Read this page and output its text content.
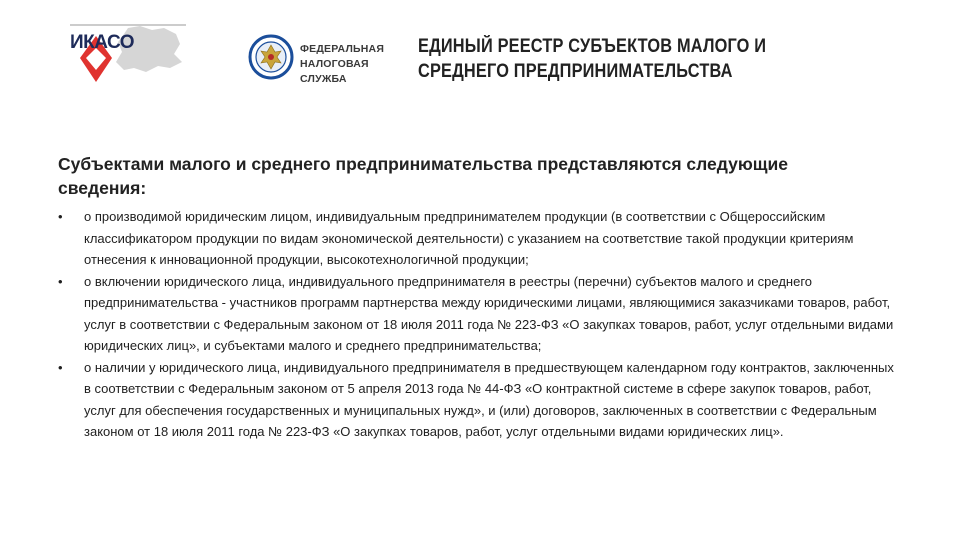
ИКАСО	ФЕДЕРАЛЬНАЯ
НАЛОГОВАЯ СЛУЖБА
ЕДИНЫЙ РЕЕСТР СУБЪЕКТОВ МАЛОГО И СРЕДНЕГО ПРЕДПРИНИМАТЕЛЬСТВА
Субъектами малого и среднего предпринимательства представляются следующие сведения:
• о производимой юридическим лицом, индивидуальным предпринимателем продукции (в соответствии с Общероссийским классификатором продукции по видам экономической деятельности) с указанием на соответствие такой продукции критериям отнесения к инновационной продукции, высокотехнологичной продукции;
• о включении юридического лица, индивидуального предпринимателя в реестры (перечни) субъектов малого и среднего предпринимательства - участников программ партнерства между юридическими лицами, являющимися заказчиками товаров, работ, услуг в соответствии с Федеральным законом от 18 июля 2011 года № 223-ФЗ «О закупках товаров, работ, услуг отдельными видами юридических лиц», и субъектами малого и среднего предпринимательства;
• о наличии у юридического лица, индивидуального предпринимателя в предшествующем календарном году контрактов, заключенных в соответствии с Федеральным законом от 5 апреля 2013 года № 44-ФЗ «О контрактной системе в сфере закупок товаров, работ, услуг для обеспечения государственных и муниципальных нужд», и (или) договоров, заключенных в соответствии с Федеральным законом от 18 июля 2011 года № 223-ФЗ «О закупках товаров, работ, услуг отдельными видами юридических лиц».
